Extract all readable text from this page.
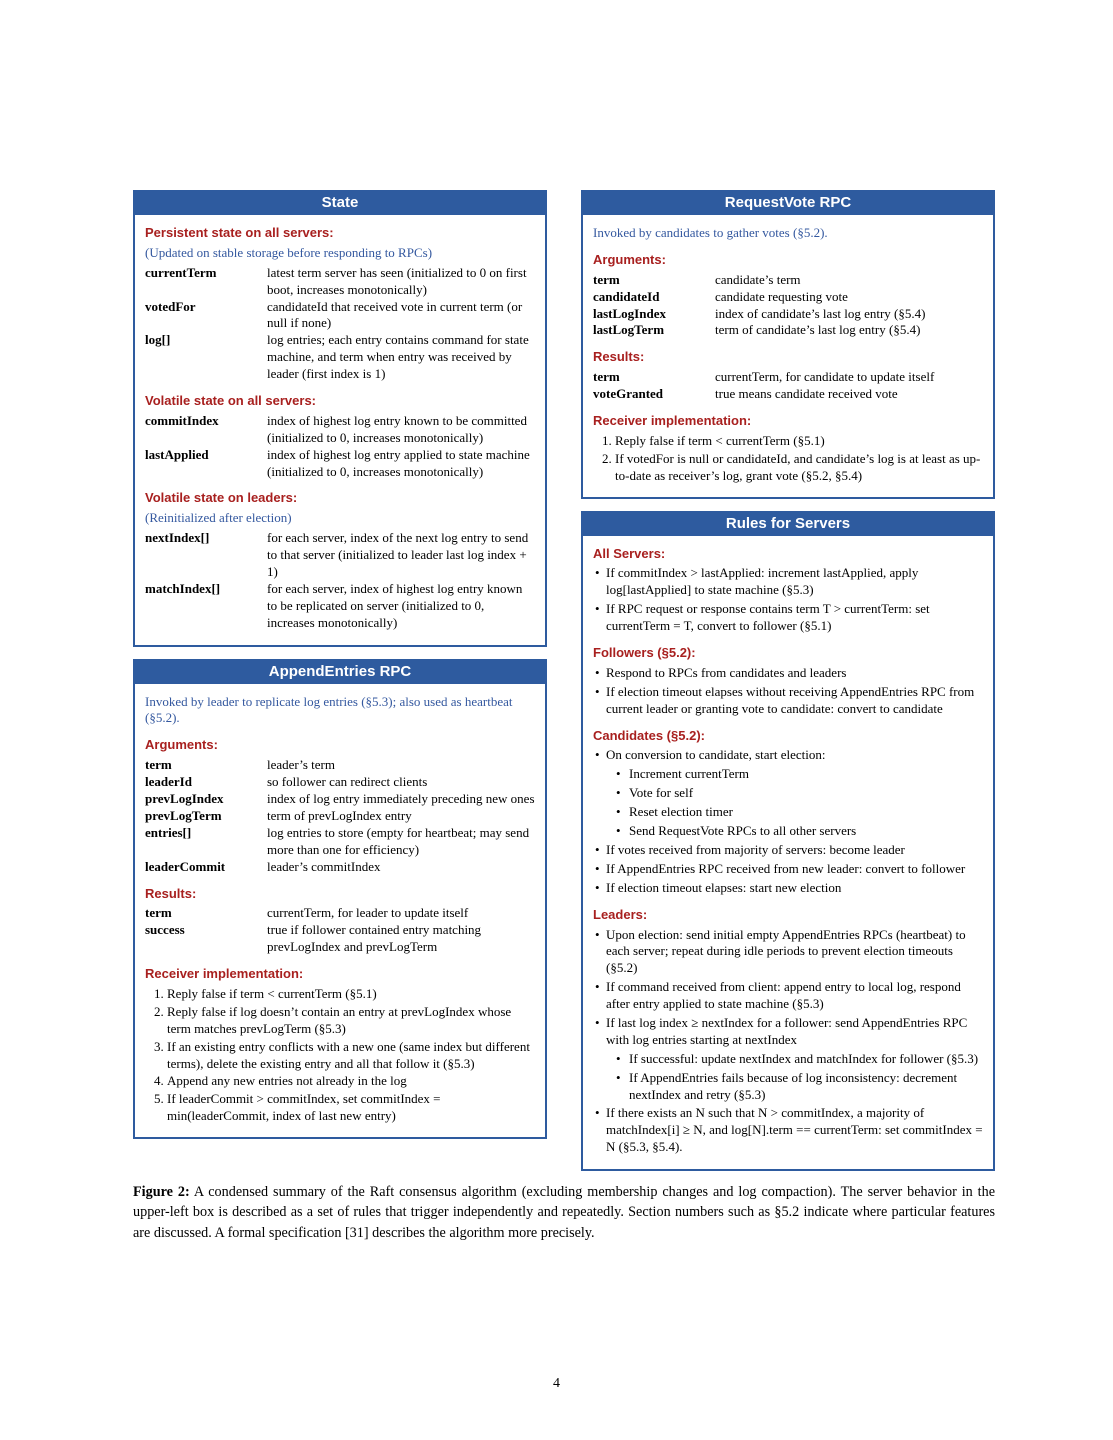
State
Persistent state on all servers:
(Updated on stable storage before responding to RPCs)
currentTerm	latest term server has seen (initialized to 0 on first boot, increases monotonically)
votedFor	candidateId that received vote in current term (or null if none)
log[]	log entries; each entry contains command for state machine, and term when entry was received by leader (first index is 1)
Volatile state on all servers:
commitIndex	index of highest log entry known to be committed (initialized to 0, increases monotonically)
lastApplied	index of highest log entry applied to state machine (initialized to 0, increases monotonically)
Volatile state on leaders:
(Reinitialized after election)
nextIndex[]	for each server, index of the next log entry to send to that server (initialized to leader last log index + 1)
matchIndex[]	for each server, index of highest log entry known to be replicated on server (initialized to 0, increases monotonically)
AppendEntries RPC
Invoked by leader to replicate log entries (§5.3); also used as heartbeat (§5.2).
Arguments:
term	leader’s term
leaderId	so follower can redirect clients
prevLogIndex	index of log entry immediately preceding new ones
prevLogTerm	term of prevLogIndex entry
entries[]	log entries to store (empty for heartbeat; may send more than one for efficiency)
leaderCommit	leader’s commitIndex
Results:
term	currentTerm, for leader to update itself
success	true if follower contained entry matching prevLogIndex and prevLogTerm
Receiver implementation:
1. Reply false if term < currentTerm (§5.1)
2. Reply false if log doesn’t contain an entry at prevLogIndex whose term matches prevLogTerm (§5.3)
3. If an existing entry conflicts with a new one (same index but different terms), delete the existing entry and all that follow it (§5.3)
4. Append any new entries not already in the log
5. If leaderCommit > commitIndex, set commitIndex = min(leaderCommit, index of last new entry)
RequestVote RPC
Invoked by candidates to gather votes (§5.2).
Arguments:
term	candidate’s term
candidateId	candidate requesting vote
lastLogIndex	index of candidate’s last log entry (§5.4)
lastLogTerm	term of candidate’s last log entry (§5.4)
Results:
term	currentTerm, for candidate to update itself
voteGranted	true means candidate received vote
Receiver implementation:
1. Reply false if term < currentTerm (§5.1)
2. If votedFor is null or candidateId, and candidate’s log is at least as up-to-date as receiver’s log, grant vote (§5.2, §5.4)
Rules for Servers
All Servers:
• If commitIndex > lastApplied: increment lastApplied, apply log[lastApplied] to state machine (§5.3)
• If RPC request or response contains term T > currentTerm: set currentTerm = T, convert to follower (§5.1)
Followers (§5.2):
• Respond to RPCs from candidates and leaders
• If election timeout elapses without receiving AppendEntries RPC from current leader or granting vote to candidate: convert to candidate
Candidates (§5.2):
• On conversion to candidate, start election:
• Increment currentTerm
• Vote for self
• Reset election timer
• Send RequestVote RPCs to all other servers
• If votes received from majority of servers: become leader
• If AppendEntries RPC received from new leader: convert to follower
• If election timeout elapses: start new election
Leaders:
• Upon election: send initial empty AppendEntries RPCs (heartbeat) to each server; repeat during idle periods to prevent election timeouts (§5.2)
• If command received from client: append entry to local log, respond after entry applied to state machine (§5.3)
• If last log index ≥ nextIndex for a follower: send AppendEntries RPC with log entries starting at nextIndex
• If successful: update nextIndex and matchIndex for follower (§5.3)
• If AppendEntries fails because of log inconsistency: decrement nextIndex and retry (§5.3)
• If there exists an N such that N > commitIndex, a majority of matchIndex[i] ≥ N, and log[N].term == currentTerm: set commitIndex = N (§5.3, §5.4).

Figure 2: A condensed summary of the Raft consensus algorithm (excluding membership changes and log compaction). The server behavior in the upper-left box is described as a set of rules that trigger independently and repeatedly. Section numbers such as §5.2 indicate where particular features are discussed. A formal specification [31] describes the algorithm more precisely.

4
